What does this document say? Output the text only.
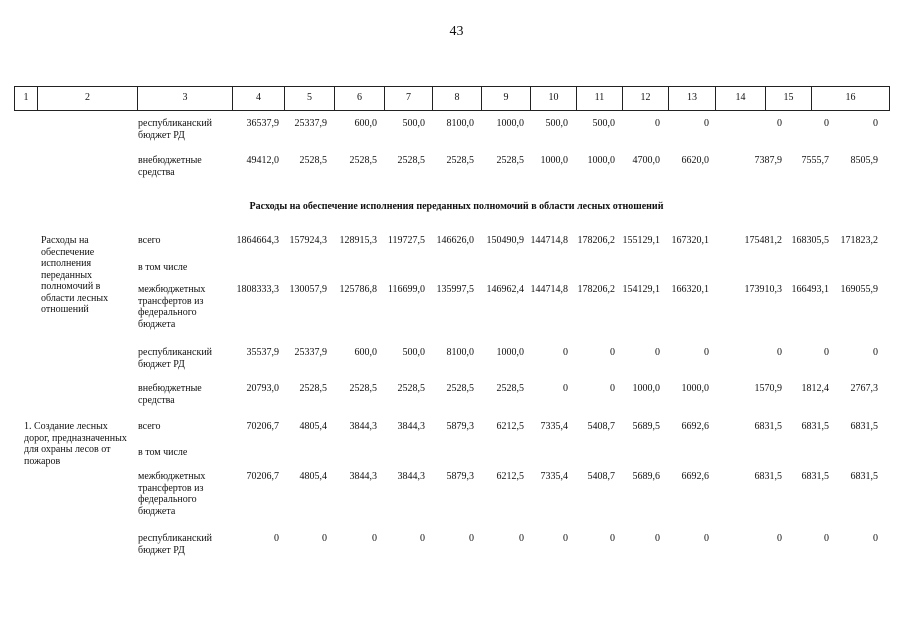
43
1	2	3	4	5	6	7	8	9	10	11	12	13	14	15	16
Расходы на обеспечение исполнения переданных полномочий в области лесных отношений
республиканский бюджет РД
36537,9	25337,9	600,0	500,0	8100,0	1000,0	500,0	500,0	0	0	0	0	0
внебюджетные средства
49412,0	2528,5	2528,5	2528,5	2528,5	2528,5	1000,0	1000,0	4700,0	6620,0	7387,9	7555,7	8505,9
Расходы на обеспечение исполнения переданных полномочий в области лесных отношений
всего	1864664,3	157924,3	128915,3	119727,5	146626,0	150490,9 144714,8 178206,2 155129,1	167320,1	175481,2 168305,5	171823,2
в том числе
межбюджетных трансфертов из федерального бюджета
1808333,3	130057,9	125786,8	116699,0	135997,5	146962,4 144714,8 178206,2 154129,1	166320,1	173910,3 166493,1	169055,9
республиканский бюджет РД
35537,9	25337,9	600,0	500,0	8100,0	1000,0	0	0	0	0	0	0	0
внебюджетные средства
20793,0	2528,5	2528,5	2528,5	2528,5	2528,5	0	0	1000,0	1000,0	1570,9	1812,4	2767,3
1. Создание лесных дорог, предназначенных для охраны лесов от пожаров
всего	70206,7	4805,4	3844,3	3844,3	5879,3	6212,5	7335,4	5408,7	5689,5	6692,6	6831,5	6831,5	6831,5
в том числе
межбюджетных трансфертов из федерального бюджета
70206,7	4805,4	3844,3	3844,3	5879,3	6212,5	7335,4	5408,7	5689,6	6692,6	6831,5	6831,5	6831,5
республиканский бюджет РД
0	0	0	0	0	0	0	0	0	0	0	0	0
